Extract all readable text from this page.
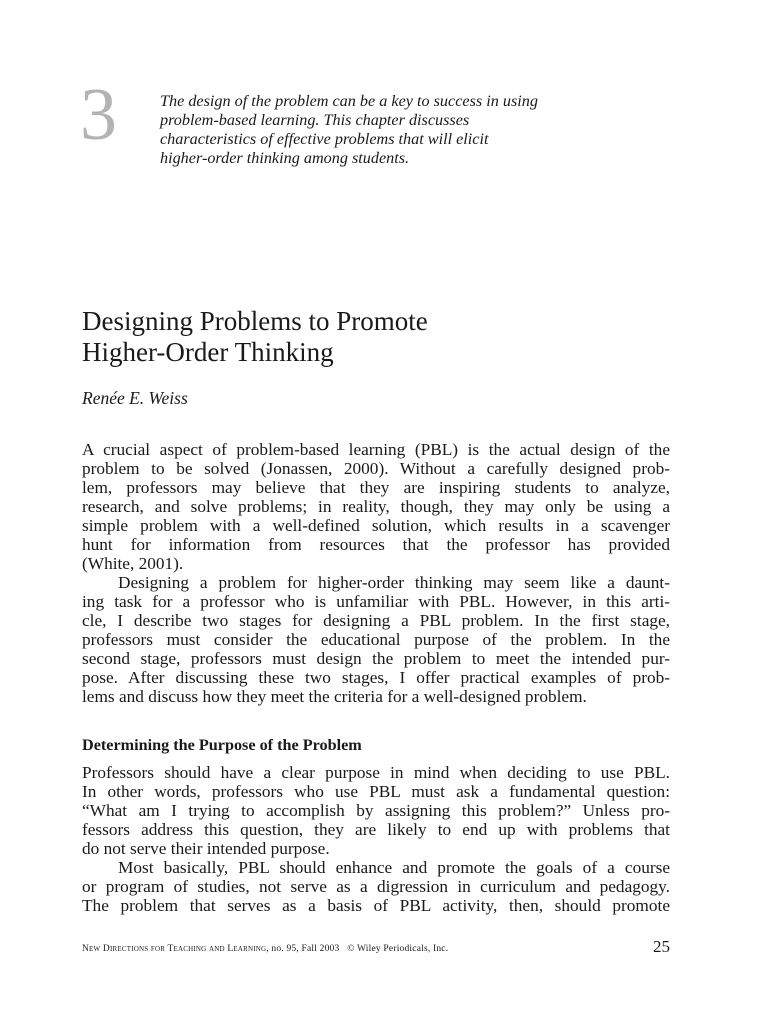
3	The design of the problem can be a key to success in using
problem-based learning. This chapter discusses
characteristics of effective problems that will elicit
higher-order thinking among students.
Designing Problems to Promote
Higher-Order Thinking
Renée E. Weiss
A crucial aspect of problem-based learning (PBL) is the actual design of the
problem to be solved (Jonassen, 2000). Without a carefully designed prob-
lem, professors may believe that they are inspiring students to analyze,
research, and solve problems; in reality, though, they may only be using a
simple problem with a well-defined solution, which results in a scavenger
hunt for information from resources that the professor has provided
(White, 2001).
Designing a problem for higher-order thinking may seem like a daunt-
ing task for a professor who is unfamiliar with PBL. However, in this arti-
cle, I describe two stages for designing a PBL problem. In the first stage,
professors must consider the educational purpose of the problem. In the
second stage, professors must design the problem to meet the intended pur-
pose. After discussing these two stages, I offer practical examples of prob-
lems and discuss how they meet the criteria for a well-designed problem.
Determining the Purpose of the Problem
Professors should have a clear purpose in mind when deciding to use PBL.
In other words, professors who use PBL must ask a fundamental question:
“What am I trying to accomplish by assigning this problem?” Unless pro-
fessors address this question, they are likely to end up with problems that
do not serve their intended purpose.
Most basically, PBL should enhance and promote the goals of a course
or program of studies, not serve as a digression in curriculum and pedagogy.
The problem that serves as a basis of PBL activity, then, should promote
New Directions for Teaching and Learning, no. 95, Fall 2003 © Wiley Periodicals, Inc.	25
